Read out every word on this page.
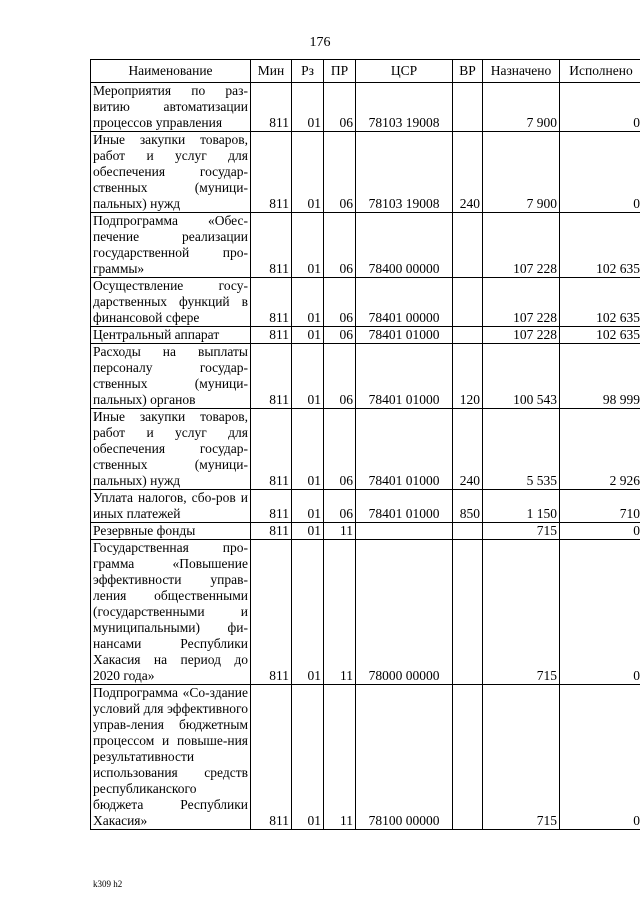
176
Наименование	Мин	Рз	ПР	ЦСР	ВР	Назначено	Исполнено
Мероприятия по раз-витию автоматизации процессов управления	811	01	06	78103 19008		7 900	0
Иные закупки товаров, работ и услуг для обеспечения государ-ственных (муници-пальных) нужд	811	01	06	78103 19008	240	7 900	0
Подпрограмма «Обес-печение реализации государственной про-граммы»	811	01	06	78400 00000		107 228	102 635
Осуществление госу-дарственных функций в финансовой сфере	811	01	06	78401 00000		107 228	102 635
Центральный аппарат	811	01	06	78401 01000		107 228	102 635
Расходы на выплаты персоналу государ-ственных (муници-пальных) органов	811	01	06	78401 01000	120	100 543	98 999
Иные закупки товаров, работ и услуг для обеспечения государ-ственных (муници-пальных) нужд	811	01	06	78401 01000	240	5 535	2 926
Уплата налогов, сбо-ров и иных платежей	811	01	06	78401 01000	850	1 150	710
Резервные фонды	811	01	11			715	0
Государственная про-грамма «Повышение эффективности управ-ления общественными (государственными и муниципальными) фи-нансами Республики Хакасия на период до 2020 года»	811	01	11	78000 00000		715	0
Подпрограмма «Со-здание условий для эффективного управ-ления бюджетным процессом и повыше-ния результативности использования средств республиканского бюджета Республики Хакасия»	811	01	11	78100 00000		715	0
k309 h2
